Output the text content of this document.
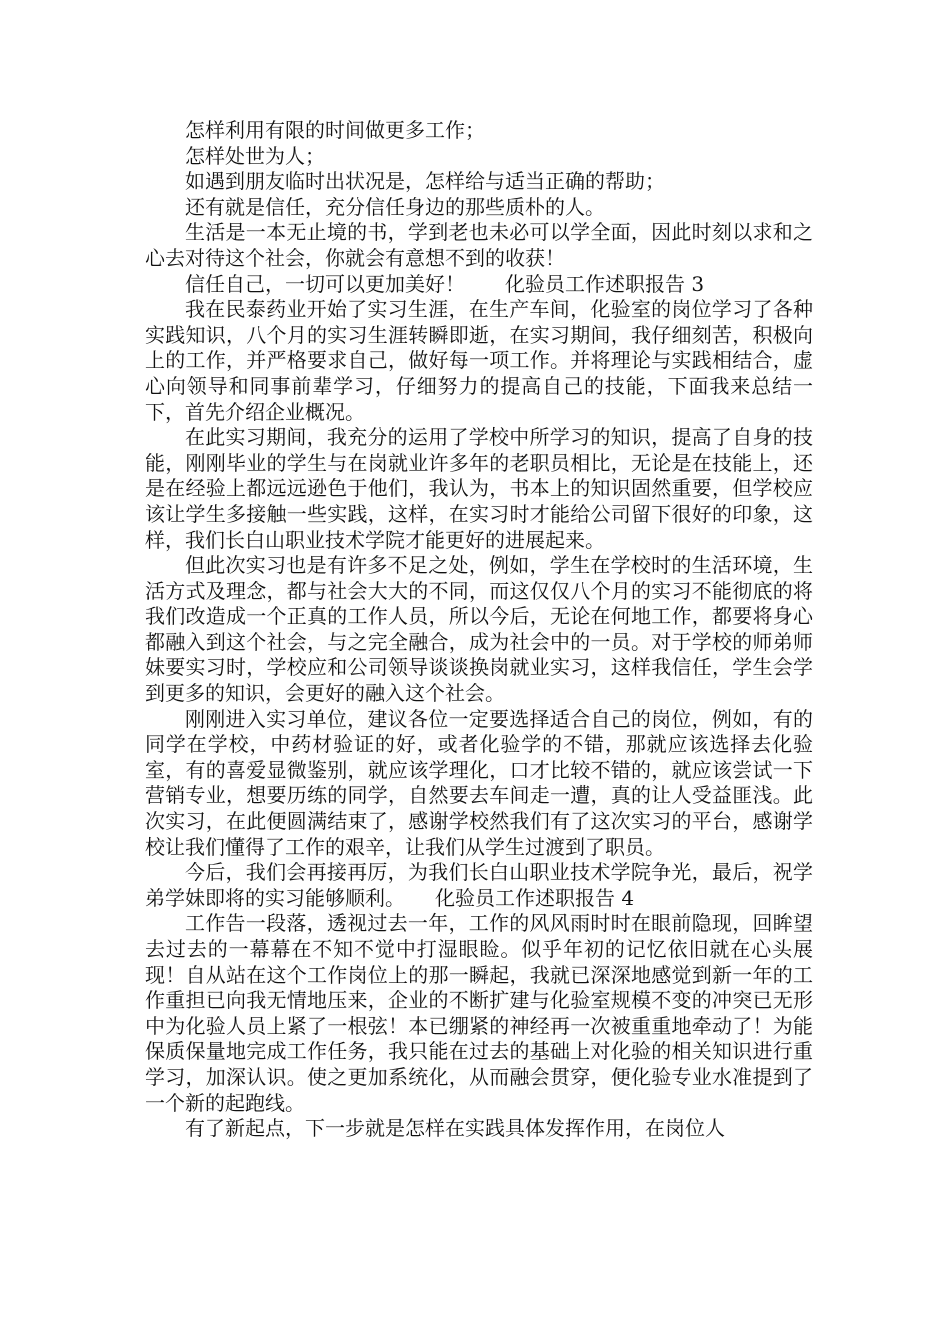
怎样利用有限的时间做更多工作；

怎样处世为人；

如遇到朋友临时出状况是，怎样给与适当正确的帮助；

还有就是信任，充分信任身边的那些质朴的人。

生活是一本无止境的书，学到老也未必可以学全面，因此时刻以求和之心去对待这个社会，你就会有意想不到的收获！

信任自己，一切可以更加美好！　　化验员工作述职报告 3

我在民泰药业开始了实习生涯，在生产车间，化验室的岗位学习了各种实践知识，八个月的实习生涯转瞬即逝，在实习期间，我仔细刻苦，积极向上的工作，并严格要求自己，做好每一项工作。并将理论与实践相结合，虚心向领导和同事前辈学习，仔细努力的提高自己的技能，下面我来总结一下，首先介绍企业概况。

在此实习期间，我充分的运用了学校中所学习的知识，提高了自身的技能，刚刚毕业的学生与在岗就业许多年的老职员相比，无论是在技能上，还是在经验上都远远逊色于他们，我认为，书本上的知识固然重要，但学校应该让学生多接触一些实践，这样，在实习时才能给公司留下很好的印象，这样，我们长白山职业技术学院才能更好的进展起来。

但此次实习也是有许多不足之处，例如，学生在学校时的生活环境，生活方式及理念，都与社会大大的不同，而这仅仅八个月的实习不能彻底的将我们改造成一个正真的工作人员，所以今后，无论在何地工作，都要将身心都融入到这个社会，与之完全融合，成为社会中的一员。对于学校的师弟师妹要实习时，学校应和公司领导谈谈换岗就业实习，这样我信任，学生会学到更多的知识，会更好的融入这个社会。

刚刚进入实习单位，建议各位一定要选择适合自己的岗位，例如，有的同学在学校，中药材验证的好，或者化验学的不错，那就应该选择去化验室，有的喜爱显微鉴别，就应该学理化，口才比较不错的，就应该尝试一下营销专业，想要历练的同学，自然要去车间走一遭，真的让人受益匪浅。此次实习，在此便圆满结束了，感谢学校然我们有了这次实习的平台，感谢学校让我们懂得了工作的艰辛，让我们从学生过渡到了职员。

今后，我们会再接再厉，为我们长白山职业技术学院争光，最后，祝学弟学妹即将的实习能够顺利。　　化验员工作述职报告 4

工作告一段落，透视过去一年，工作的风风雨时时在眼前隐现，回眸望去过去的一幕幕在不知不觉中打湿眼睑。似乎年初的记忆依旧就在心头展现！自从站在这个工作岗位上的那一瞬起，我就已深深地感觉到新一年的工作重担已向我无情地压来，企业的不断扩建与化验室规模不变的冲突已无形中为化验人员上紧了一根弦！本已绷紧的神经再一次被重重地牵动了！为能保质保量地完成工作任务，我只能在过去的基础上对化验的相关知识进行重学习，加深认识。使之更加系统化，从而融会贯穿，便化验专业水准提到了一个新的起跑线。

有了新起点，下一步就是怎样在实践具体发挥作用，在岗位人
